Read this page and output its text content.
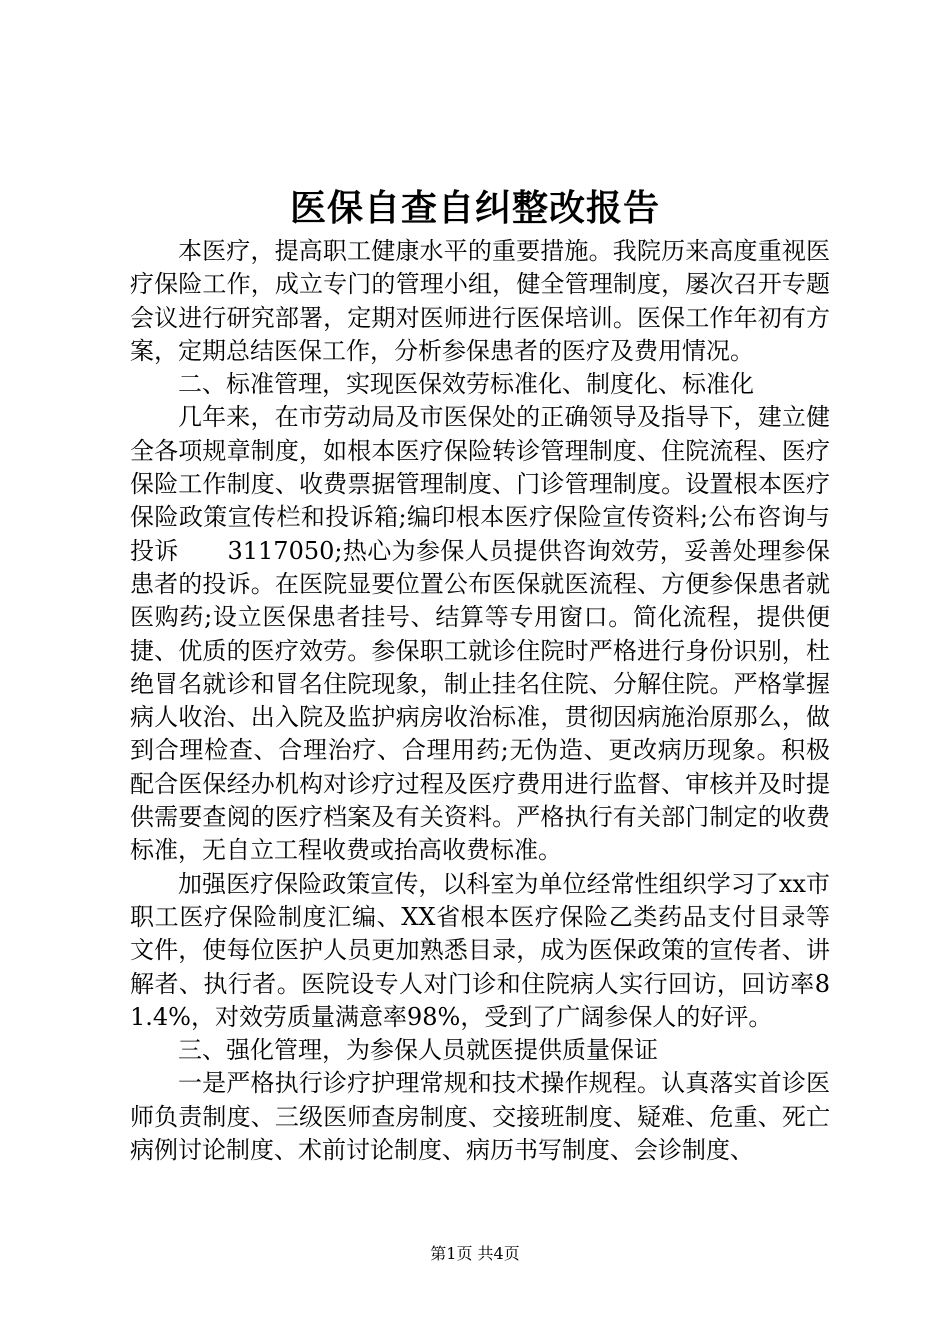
医保自查自纠整改报告

本医疗，提高职工健康水平的重要措施。我院历来高度重视医疗保险工作，成立专门的管理小组，健全管理制度，屡次召开专题会议进行研究部署，定期对医师进行医保培训。医保工作年初有方案，定期总结医保工作，分析参保患者的医疗及费用情况。

二、标准管理，实现医保效劳标准化、制度化、标准化

几年来，在市劳动局及市医保处的正确领导及指导下，建立健全各项规章制度，如根本医疗保险转诊管理制度、住院流程、医疗保险工作制度、收费票据管理制度、门诊管理制度。设置根本医疗保险政策宣传栏和投诉箱;编印根本医疗保险宣传资料;公布咨询与投诉　　3117050;热心为参保人员提供咨询效劳，妥善处理参保患者的投诉。在医院显要位置公布医保就医流程、方便参保患者就医购药;设立医保患者挂号、结算等专用窗口。简化流程，提供便捷、优质的医疗效劳。参保职工就诊住院时严格进行身份识别，杜绝冒名就诊和冒名住院现象，制止挂名住院、分解住院。严格掌握病人收治、出入院及监护病房收治标准，贯彻因病施治原那么，做到合理检查、合理治疗、合理用药;无伪造、更改病历现象。积极配合医保经办机构对诊疗过程及医疗费用进行监督、审核并及时提供需要查阅的医疗档案及有关资料。严格执行有关部门制定的收费标准，无自立工程收费或抬高收费标准。

加强医疗保险政策宣传，以科室为单位经常性组织学习了xx市职工医疗保险制度汇编、XX省根本医疗保险乙类药品支付目录等文件，使每位医护人员更加熟悉目录，成为医保政策的宣传者、讲解者、执行者。医院设专人对门诊和住院病人实行回访，回访率81.4%，对效劳质量满意率98%，受到了广阔参保人的好评。

三、强化管理，为参保人员就医提供质量保证

一是严格执行诊疗护理常规和技术操作规程。认真落实首诊医师负责制度、三级医师查房制度、交接班制度、疑难、危重、死亡病例讨论制度、术前讨论制度、病历书写制度、会诊制度、

第1页 共4页
